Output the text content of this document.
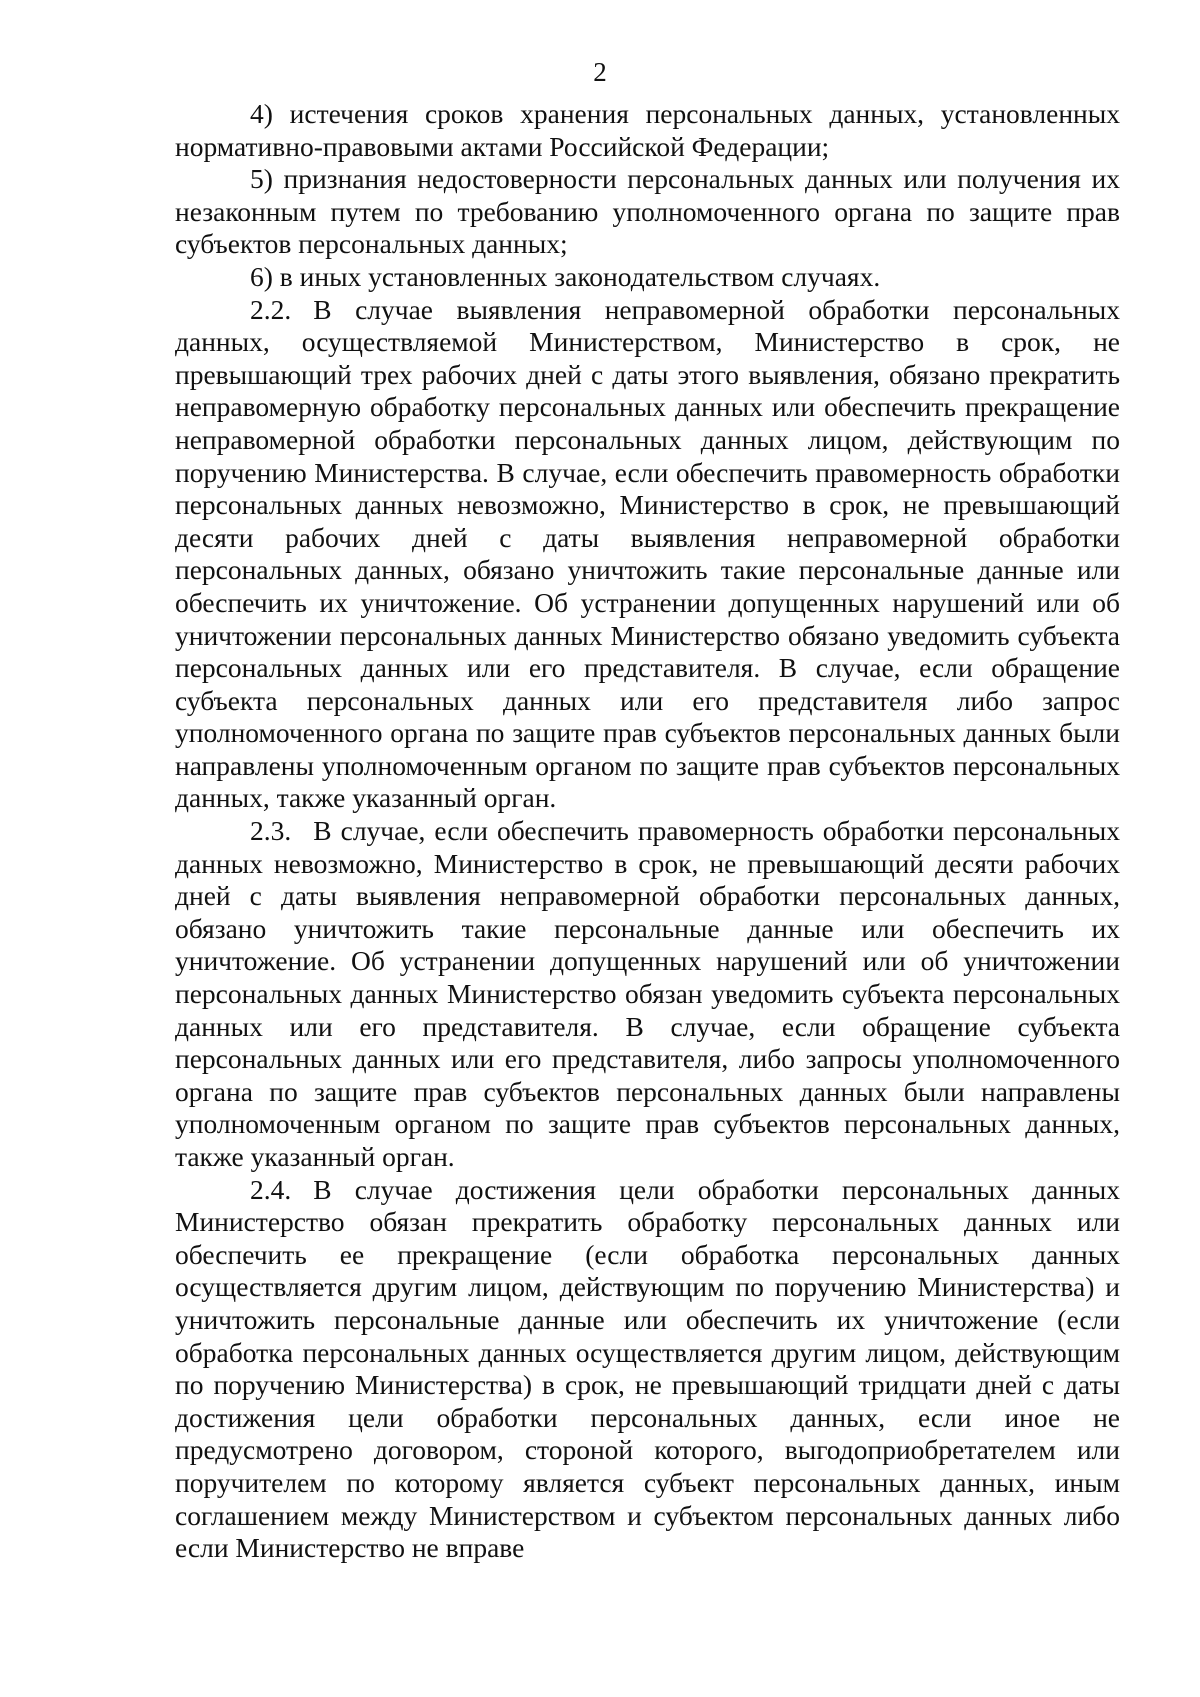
2

4) истечения сроков хранения персональных данных, установленных нормативно-правовыми актами Российской Федерации;

5) признания недостоверности персональных данных или получения их незаконным путем по требованию уполномоченного органа по защите прав субъектов персональных данных;

6) в иных установленных законодательством случаях.

2.2. В случае выявления неправомерной обработки персональных данных, осуществляемой Министерством, Министерство в срок, не превышающий трех рабочих дней с даты этого выявления, обязано прекратить неправомерную обработку персональных данных или обеспечить прекращение неправомерной обработки персональных данных лицом, действующим по поручению Министерства. В случае, если обеспечить правомерность обработки персональных данных невозможно, Министерство в срок, не превышающий десяти рабочих дней с даты выявления неправомерной обработки персональных данных, обязано уничтожить такие персональные данные или обеспечить их уничтожение. Об устранении допущенных нарушений или об уничтожении персональных данных Министерство обязано уведомить субъекта персональных данных или его представителя. В случае, если обращение субъекта персональных данных или его представителя либо запрос уполномоченного органа по защите прав субъектов персональных данных были направлены уполномоченным органом по защите прав субъектов персональных данных, также указанный орган.

2.3. В случае, если обеспечить правомерность обработки персональных данных невозможно, Министерство в срок, не превышающий десяти рабочих дней с даты выявления неправомерной обработки персональных данных, обязано уничтожить такие персональные данные или обеспечить их уничтожение. Об устранении допущенных нарушений или об уничтожении персональных данных Министерство обязан уведомить субъекта персональных данных или его представителя. В случае, если обращение субъекта персональных данных или его представителя, либо запросы уполномоченного органа по защите прав субъектов персональных данных были направлены уполномоченным органом по защите прав субъектов персональных данных, также указанный орган.

2.4. В случае достижения цели обработки персональных данных Министерство обязан прекратить обработку персональных данных или обеспечить ее прекращение (если обработка персональных данных осуществляется другим лицом, действующим по поручению Министерства) и уничтожить персональные данные или обеспечить их уничтожение (если обработка персональных данных осуществляется другим лицом, действующим по поручению Министерства) в срок, не превышающий тридцати дней с даты достижения цели обработки персональных данных, если иное не предусмотрено договором, стороной которого, выгодоприобретателем или поручителем по которому является субъект персональных данных, иным соглашением между Министерством и субъектом персональных данных либо если Министерство не вправе
